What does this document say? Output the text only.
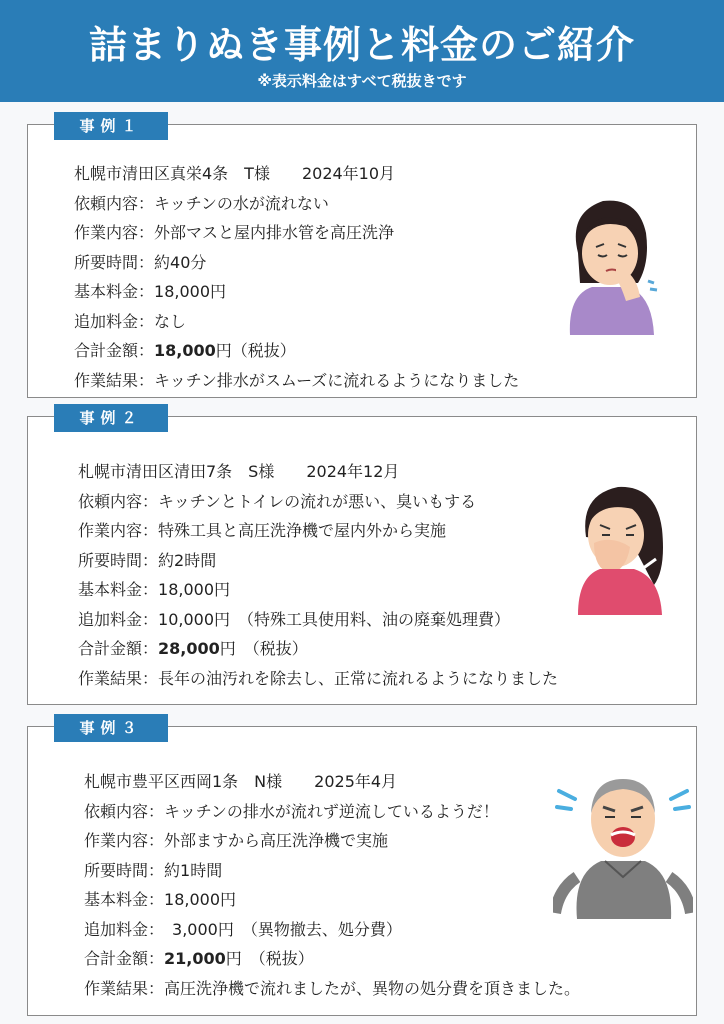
詰まりぬき事例と料金のご紹介
※表示料金はすべて税抜きです
事例１
札幌市清田区真栄4条　T様　　2024年10月
依頼内容：キッチンの水が流れない
作業内容：外部マスと屋内排水管を高圧洗浄
所要時間：約40分
基本料金：18,000円
追加料金：なし
合計金額：18,000円（税抜）
作業結果：キッチン排水がスムーズに流れるようになりました
事例２
札幌市清田区清田7条　S様　　2024年12月
依頼内容：キッチンとトイレの流れが悪い、臭いもする
作業内容：特殊工具と高圧洗浄機で屋内外から実施
所要時間：約2時間
基本料金：18,000円
追加料金：10,000円　（特殊工具使用料、油の廃棄処理費）
合計金額：28,000円　（税抜）
作業結果：長年の油汚れを除去し、正常に流れるようになりました
事例３
札幌市豊平区西岡1条　N様　　2025年4月
依頼内容：キッチンの排水が流れず逆流しているようだ！
作業内容：外部ますから高圧洗浄機で実施
所要時間：約1時間
基本料金：18,000円
追加料金：　3,000円　（異物撤去、処分費）
合計金額：21,000円　（税抜）
作業結果：高圧洗浄機で流れましたが、異物の処分費を頂きました。
